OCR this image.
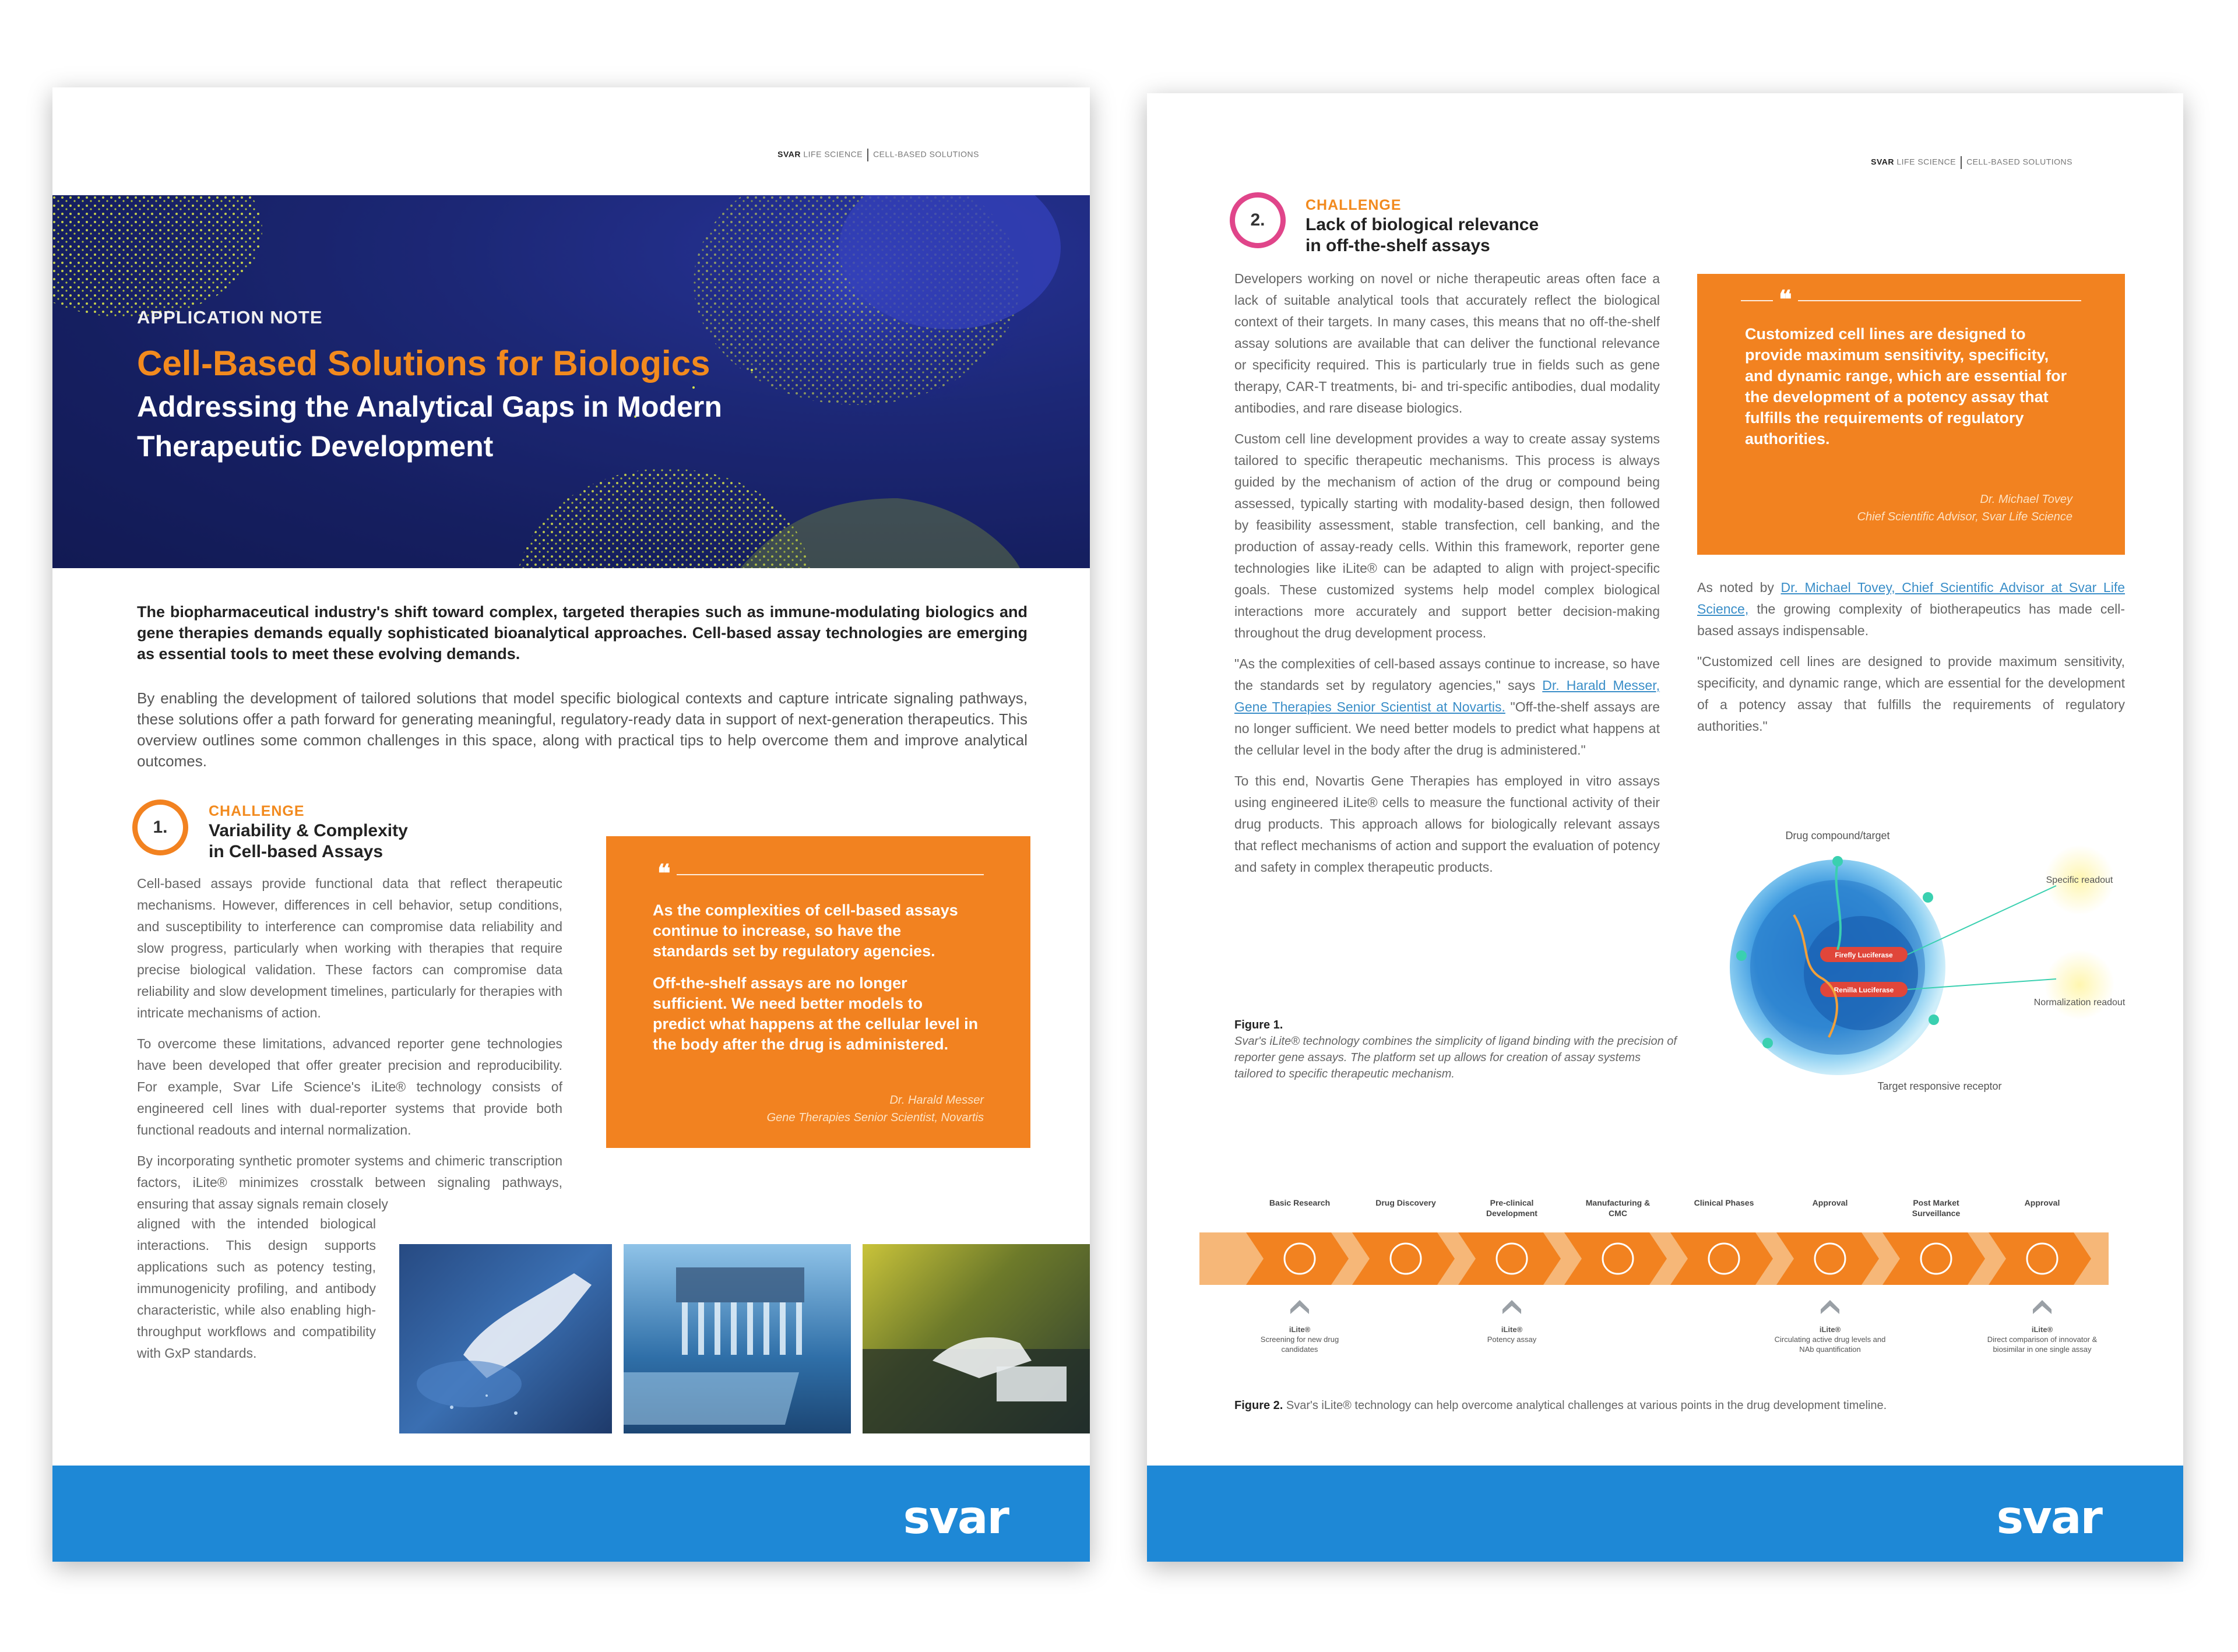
SVAR LIFE SCIENCE CELL-BASED SOLUTIONS
APPLICATION NOTE
Cell-Based Solutions for Biologics
Addressing the Analytical Gaps in Modern Therapeutic Development
The biopharmaceutical industry's shift toward complex, targeted therapies such as immune-modulating biologics and gene therapies demands equally sophisticated bioanalytical approaches. Cell-based assay technologies are emerging as essential tools to meet these evolving demands.
By enabling the development of tailored solutions that model specific biological contexts and capture intricate signaling pathways, these solutions offer a path forward for generating meaningful, regulatory-ready data in support of next-generation therapeutics. This overview outlines some common challenges in this space, along with practical tips to help overcome them and improve analytical outcomes.
1.
CHALLENGE
Variability & Complexity
in Cell-based Assays

Cell-based assays provide functional data that reflect therapeutic mechanisms. However, differences in cell behavior, setup conditions, and susceptibility to interference can compromise data reliability and slow progress, particularly when working with therapies that require precise biological validation. These factors can compromise data reliability and slow development timelines, particularly for therapies with intricate mechanisms of action.

To overcome these limitations, advanced reporter gene technologies have been developed that offer greater precision and reproducibility. For example, Svar Life Science's iLite® technology consists of engineered cell lines with dual-reporter systems that provide both functional readouts and internal normalization.

By incorporating synthetic promoter systems and chimeric transcription factors, iLite® minimizes crosstalk between signaling pathways, ensuring that assay signals remain closely

aligned with the intended biological interactions. This design supports applications such as potency testing, immunogenicity profiling, and antibody characteristic, while also enabling high-throughput workflows and compatibility with GxP standards.

❝

As the complexities of cell-based assays continue to increase, so have the standards set by regulatory agencies.

Off-the-shelf assays are no longer sufficient. We need better models to predict what happens at the cellular level in the body after the drug is administered.

Dr. Harald Messer
Gene Therapies Senior Scientist, Novartis
svar
SVAR LIFE SCIENCE CELL-BASED SOLUTIONS
2.
CHALLENGE
Lack of biological relevance
in off-the-shelf assays

Developers working on novel or niche therapeutic areas often face a lack of suitable analytical tools that accurately reflect the biological context of their targets. In many cases, this means that no off-the-shelf assay solutions are available that can deliver the functional relevance or specificity required. This is particularly true in fields such as gene therapy, CAR-T treatments, bi- and tri-specific antibodies, dual modality antibodies, and rare disease biologics.

Custom cell line development provides a way to create assay systems tailored to specific therapeutic mechanisms. This process is always guided by the mechanism of action of the drug or compound being assessed, typically starting with modality-based design, then followed by feasibility assessment, stable transfection, cell banking, and the production of assay-ready cells. Within this framework, reporter gene technologies like iLite® can be adapted to align with project-specific goals. These customized systems help model complex biological interactions more accurately and support better decision-making throughout the drug development process.

"As the complexities of cell-based assays continue to increase, so have the standards set by regulatory agencies," says Dr. Harald Messer, Gene Therapies Senior Scientist at Novartis. "Off-the-shelf assays are no longer sufficient. We need better models to predict what happens at the cellular level in the body after the drug is administered."

To this end, Novartis Gene Therapies has employed in vitro assays using engineered iLite® cells to measure the functional activity of their drug products. This approach allows for biologically relevant assays that reflect mechanisms of action and support the evaluation of potency and safety in complex therapeutic products.

❝
Customized cell lines are designed to provide maximum sensitivity, specificity, and dynamic range, which are essential for the development of a potency assay that fulfills the requirements of regulatory authorities.
Dr. Michael Tovey
Chief Scientific Advisor, Svar Life Science

As noted by Dr. Michael Tovey, Chief Scientific Advisor at Svar Life Science, the growing complexity of biotherapeutics has made cell-based assays indispensable.

"Customized cell lines are designed to provide maximum sensitivity, specificity, and dynamic range, which are essential for the development of a potency assay that fulfills the requirements of regulatory authorities."

Firefly Luciferase
Renilla Luciferase
Drug compound/target
Specific readout
Normalization readout
Target responsive receptor
Figure 1.
Svar's iLite® technology combines the simplicity of ligand binding with the precision of reporter gene assays. The platform set up allows for creation of assay systems tailored to specific therapeutic mechanism.
Basic Research	Drug Discovery	Pre-clinical Development
Manufacturing & CMC
Clinical Phases	Approval	Post Market Surveillance
Approval
iLite®
Screening for new drug candidates
iLite®
Potency assay
iLite®
Circulating active drug levels and NAb quantification
iLite®
Direct comparison of innovator & biosimilar in one single assay
Figure 2. Svar's iLite® technology can help overcome analytical challenges at various points in the drug development timeline.
svar
